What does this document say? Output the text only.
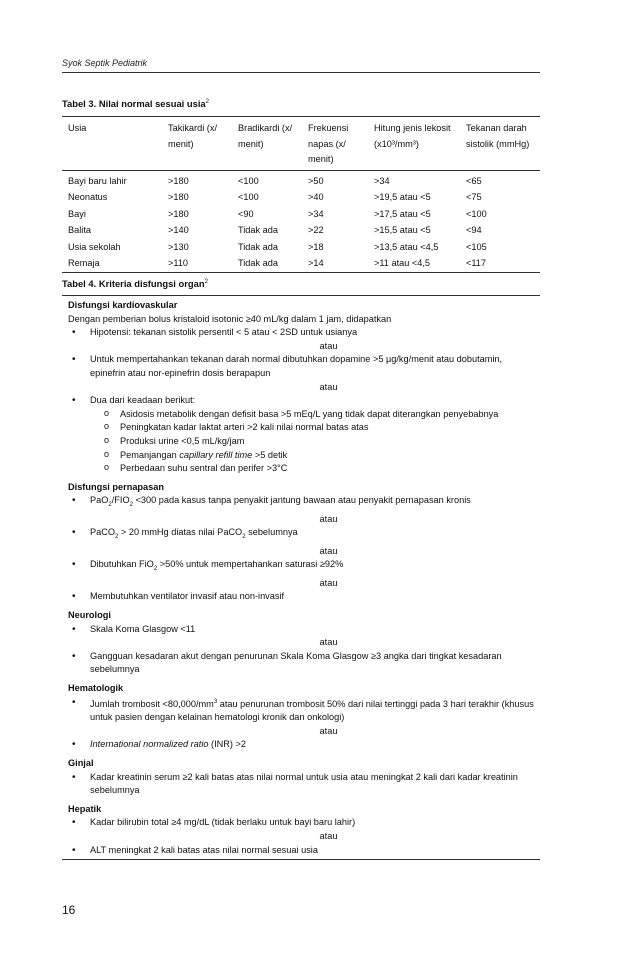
Syok Septik Pediatrik
Tabel 3. Nilai normal sesuai usia$^2$
Usia	Takikardi (x/ menit)	Bradikardi (x/ menit)	Frekuensi napas (x/ menit)	Hitung jenis lekosit (x10³/mm³)	Tekanan darah sistolik (mmHg)
Bayi baru lahir	>180	<100	>50	>34	<65
Neonatus	>180	<100	>40	>19,5 atau <5	<75
Bayi	>180	<90	>34	>17,5 atau <5	<100
Balita	>140	Tidak ada	>22	>15,5 atau <5	<94
Usia sekolah	>130	Tidak ada	>18	>13,5 atau <4,5	<105
Remaja	>110	Tidak ada	>14	>11 atau <4,5	<117
Tabel 4. Kriteria disfungsi organ$^2$
Disfungsi kardiovaskular
Dengan pemberian bolus kristaloid isotonic ≥40 mL/kg dalam 1 jam, didapatkan
• Hipotensi: tekanan sistolik persentil < 5 atau < 2SD untuk usianya
atau
• Untuk mempertahankan tekanan darah normal dibutuhkan dopamine >5 µg/kg/menit atau dobutamin, epinefrin atau nor-epinefrin dosis berapapun
atau
• Dua dari keadaan berikut:
o Asidosis metabolik dengan defisit basa >5 mEq/L yang tidak dapat diterangkan penyebabnya
o Peningkatan kadar laktat arteri >2 kali nilai normal batas atas
o Produksi urine <0,5 mL/kg/jam
o Pemanjangan capillary refill time >5 detik
o Perbedaan suhu sentral dan perifer >3°C
Disfungsi pernapasan
• $PaO_2/FIO_2 <300$ pada kasus tanpa penyakit jantung bawaan atau penyakit pernapasan kronis
atau
• PaCO$_2$ > 20 mmHg diatas nilai PaCO$_2$ sebelumnya
atau
• Dibutuhkan FiO$_2$ >50% untuk mempertahankan saturasi ≥92%
atau
• Membutuhkan ventilator invasif atau non-invasif
Neurologi
• Skala Koma Glasgow <11
atau
• Gangguan kesadaran akut dengan penurunan Skala Koma Glasgow ≥3 angka dari tingkat kesadaran sebelumnya
Hematologik
• Jumlah trombosit $<80,000/mm^3$ atau penurunan trombosit 50% dari nilai tertinggi pada 3 hari terakhir (khusus untuk pasien dengan kelainan hematologi kronik dan onkologi)
atau
• International normalized ratio (INR) >2
Ginjal
• Kadar kreatinin serum ≥2 kali batas atas nilai normal untuk usia atau meningkat 2 kali dari kadar kreatinin sebelumnya
Hepatik
• Kadar bilirubin total ≥4 mg/dL (tidak berlaku untuk bayi baru lahir)
atau
• ALT meningkat 2 kali batas atas nilai normal sesuai usia
16
